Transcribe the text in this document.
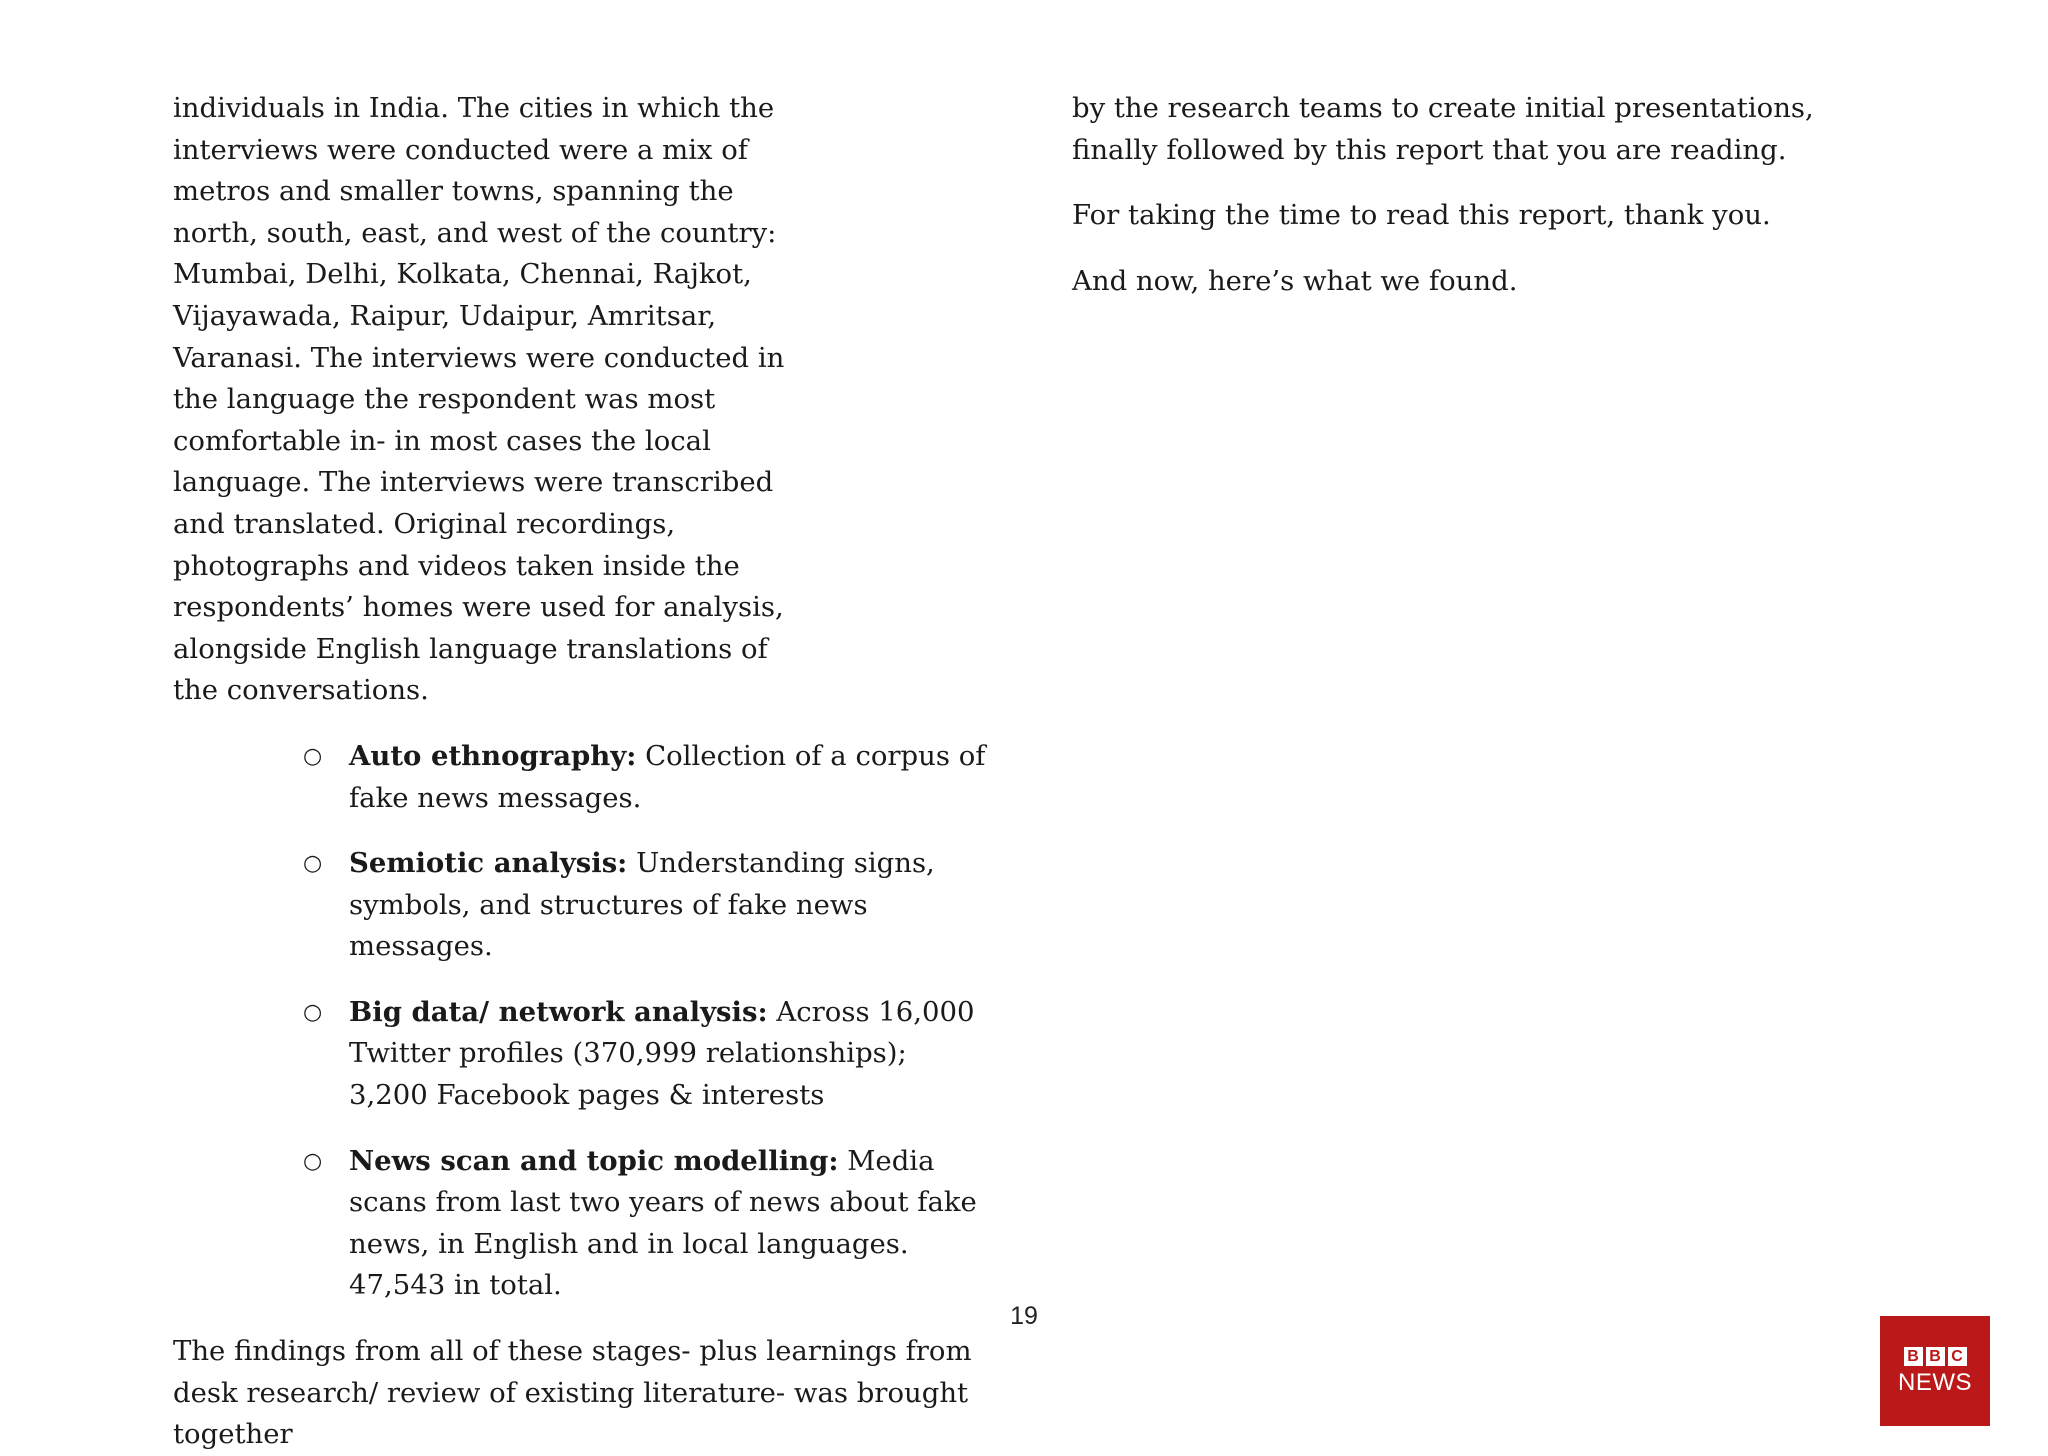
individuals in India. The cities in which the interviews were conducted were a mix of metros and smaller towns, spanning the north, south, east, and west of the country: Mumbai, Delhi, Kolkata, Chennai, Rajkot, Vijayawada, Raipur, Udaipur, Amritsar, Varanasi. The interviews were conducted in the language the respondent was most comfortable in- in most cases the local language. The interviews were transcribed and translated. Original recordings, photographs and videos taken inside the respondents’ homes were used for analysis, alongside English language translations of the conversations.

○ Auto ethnography: Collection of a corpus of fake news messages.
○ Semiotic analysis: Understanding signs, symbols, and structures of fake news messages.
○ Big data/ network analysis: Across 16,000 Twitter profiles (370,999 relationships); 3,200 Facebook pages & interests
○ News scan and topic modelling: Media scans from last two years of news about fake news, in English and in local languages. 47,543 in total.

The findings from all of these stages- plus learnings from desk research/ review of existing literature- was brought together

by the research teams to create initial presentations, finally followed by this report that you are reading.

For taking the time to read this report, thank you.

And now, here’s what we found.

19
B B C
NEWS
